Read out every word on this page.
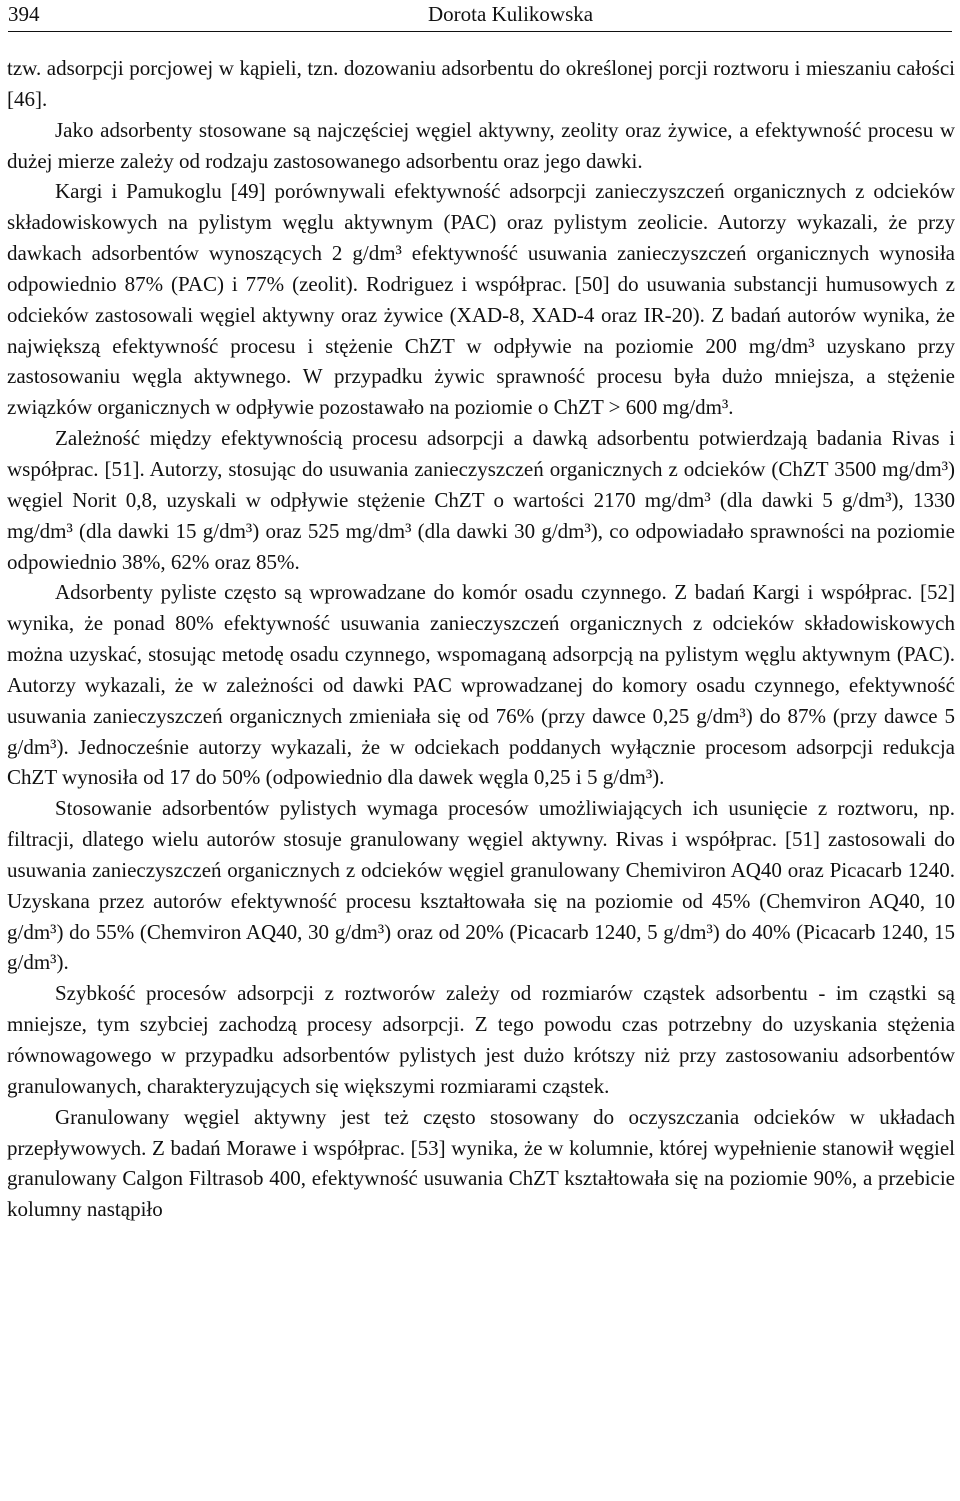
394	Dorota Kulikowska

tzw. adsorpcji porcjowej w kąpieli, tzn. dozowaniu adsorbentu do określonej porcji roztworu i mieszaniu całości [46].

Jako adsorbenty stosowane są najczęściej węgiel aktywny, zeolity oraz żywice, a efektywność procesu w dużej mierze zależy od rodzaju zastosowanego adsorbentu oraz jego dawki.

Kargi i Pamukoglu [49] porównywali efektywność adsorpcji zanieczyszczeń organicznych z odcieków składowiskowych na pylistym węglu aktywnym (PAC) oraz pylistym zeolicie. Autorzy wykazali, że przy dawkach adsorbentów wynoszących 2 g/dm³ efektywność usuwania zanieczyszczeń organicznych wynosiła odpowiednio 87% (PAC) i 77% (zeolit). Rodriguez i współprac. [50] do usuwania substancji humusowych z odcieków zastosowali węgiel aktywny oraz żywice (XAD-8, XAD-4 oraz IR-20). Z badań autorów wynika, że największą efektywność procesu i stężenie ChZT w odpływie na poziomie 200 mg/dm³ uzyskano przy zastosowaniu węgla aktywnego. W przypadku żywic sprawność procesu była dużo mniejsza, a stężenie związków organicznych w odpływie pozostawało na poziomie o ChZT > 600 mg/dm³.

Zależność między efektywnością procesu adsorpcji a dawką adsorbentu potwierdzają badania Rivas i współprac. [51]. Autorzy, stosując do usuwania zanieczyszczeń organicznych z odcieków (ChZT 3500 mg/dm³) węgiel Norit 0,8, uzyskali w odpływie stężenie ChZT o wartości 2170 mg/dm³ (dla dawki 5 g/dm³), 1330 mg/dm³ (dla dawki 15 g/dm³) oraz 525 mg/dm³ (dla dawki 30 g/dm³), co odpowiadało sprawności na poziomie odpowiednio 38%, 62% oraz 85%.

Adsorbenty pyliste często są wprowadzane do komór osadu czynnego. Z badań Kargi i współprac. [52] wynika, że ponad 80% efektywność usuwania zanieczyszczeń organicznych z odcieków składowiskowych można uzyskać, stosując metodę osadu czynnego, wspomaganą adsorpcją na pylistym węglu aktywnym (PAC). Autorzy wykazali, że w zależności od dawki PAC wprowadzanej do komory osadu czynnego, efektywność usuwania zanieczyszczeń organicznych zmieniała się od 76% (przy dawce 0,25 g/dm³) do 87% (przy dawce 5 g/dm³). Jednocześnie autorzy wykazali, że w odciekach poddanych wyłącznie procesom adsorpcji redukcja ChZT wynosiła od 17 do 50% (odpowiednio dla dawek węgla 0,25 i 5 g/dm³).

Stosowanie adsorbentów pylistych wymaga procesów umożliwiających ich usunięcie z roztworu, np. filtracji, dlatego wielu autorów stosuje granulowany węgiel aktywny. Rivas i współprac. [51] zastosowali do usuwania zanieczyszczeń organicznych z odcieków węgiel granulowany Chemiviron AQ40 oraz Picacarb 1240. Uzyskana przez autorów efektywność procesu kształtowała się na poziomie od 45% (Chemviron AQ40, 10 g/dm³) do 55% (Chemviron AQ40, 30 g/dm³) oraz od 20% (Picacarb 1240, 5 g/dm³) do 40% (Picacarb 1240, 15 g/dm³).

Szybkość procesów adsorpcji z roztworów zależy od rozmiarów cząstek adsorbentu - im cząstki są mniejsze, tym szybciej zachodzą procesy adsorpcji. Z tego powodu czas potrzebny do uzyskania stężenia równowagowego w przypadku adsorbentów pylistych jest dużo krótszy niż przy zastosowaniu adsorbentów granulowanych, charakteryzujących się większymi rozmiarami cząstek.

Granulowany węgiel aktywny jest też często stosowany do oczyszczania odcieków w układach przepływowych. Z badań Morawe i współprac. [53] wynika, że w kolumnie, której wypełnienie stanowił węgiel granulowany Calgon Filtrasob 400, efektywność usuwania ChZT kształtowała się na poziomie 90%, a przebicie kolumny nastąpiło
